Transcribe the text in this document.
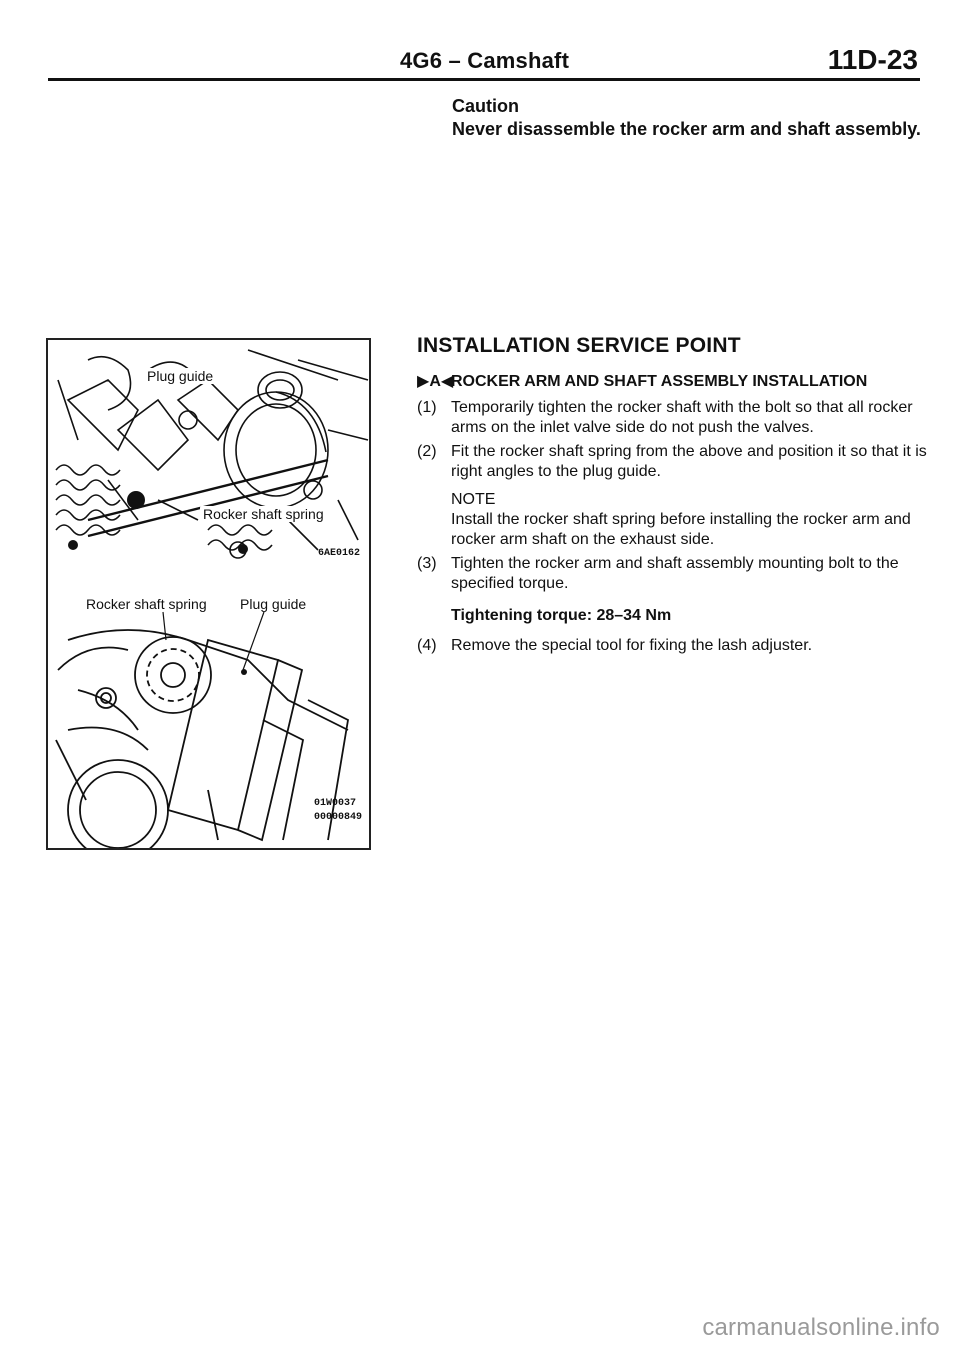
4G6 – Camshaft	11D-23
Caution
Never disassemble the rocker arm and shaft assembly.
Plug guide
Rocker shaft spring
6AE0162
Rocker shaft spring Plug guide
01W0037
00000849
INSTALLATION SERVICE POINT
▶A◀
ROCKER ARM AND SHAFT ASSEMBLY INSTALLATION
(1) Temporarily tighten the rocker shaft with the bolt so that all rocker arms on the inlet valve side do not push the valves.
(2) Fit the rocker shaft spring from the above and position it so that it is right angles to the plug guide.
NOTE
Install the rocker shaft spring before installing the rocker arm and rocker arm shaft on the exhaust side.
(3) Tighten the rocker arm and shaft assembly mounting bolt to the specified torque.
Tightening torque: 28–34 Nm
(4) Remove the special tool for fixing the lash adjuster.
carmanualsonline.info
